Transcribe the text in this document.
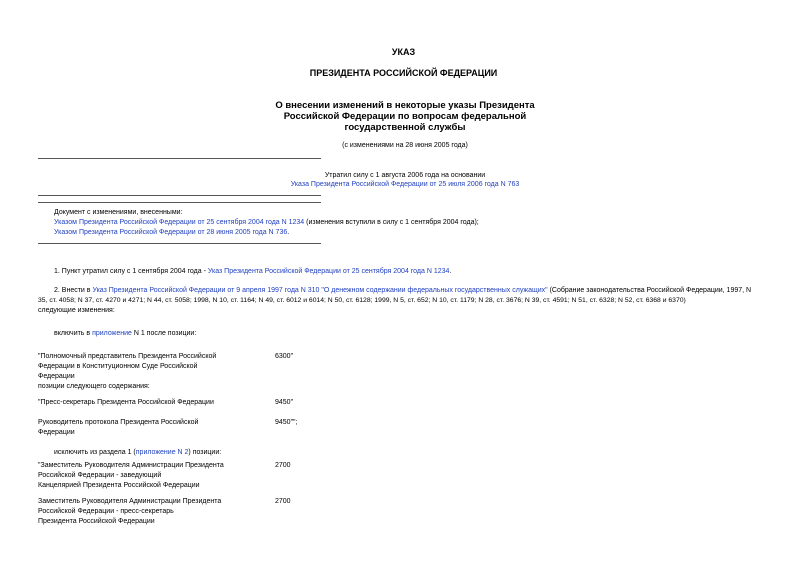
УКАЗ
ПРЕЗИДЕНТА РОССИЙСКОЙ ФЕДЕРАЦИИ
О внесении изменений в некоторые указы Президента
Российской Федерации по вопросам федеральной
государственной службы
(с изменениями на 28 июня 2005 года)
Утратил силу с 1 августа 2006 года на основании
Указа Президента Российской Федерации от 25 июля 2006 года N 763
Документ с изменениями, внесенными:
Указом Президента Российской Федерации от 25 сентября 2004 года N 1234 (изменения вступили в силу с 1 сентября 2004 года);
Указом Президента Российской Федерации от 28 июня 2005 года N 736.
1. Пункт утратил силу с 1 сентября 2004 года - Указ Президента Российской Федерации от 25 сентября 2004 года N 1234.
2. Внести в Указ Президента Российской Федерации от 9 апреля 1997 года N 310 "О денежном содержании федеральных государственных служащих" (Собрание законодательства Российской Федерации, 1997, N
35, ст. 4058; N 37, ст. 4270 и 4271; N 44, ст. 5058; 1998, N 10, ст. 1164; N 49, ст. 6012 и 6014; N 50, ст. 6128; 1999, N 5, ст. 652; N 10, ст. 1179; N 28, ст. 3676; N 39, ст. 4591; N 51, ст. 6328; N 52, ст. 6368 и 6370)
следующие изменения:
включить в приложение N 1 после позиции:
"Полномочный представитель Президента Российской
Федерации в Конституционном Суде Российской
Федерации
позиции следующего содержания:
6300"
"Пресс-секретарь Президента Российской Федерации	9450"
Руководитель протокола Президента Российской
Федерации
9450"";
исключить из раздела 1 (приложение N 2) позиции:
"Заместитель Руководителя Администрации Президента
Российской Федерации - заведующий
Канцелярией Президента Российской Федерации
2700
Заместитель Руководителя Администрации Президента
Российской Федерации - пресс-секретарь
Президента Российской Федерации
2700
